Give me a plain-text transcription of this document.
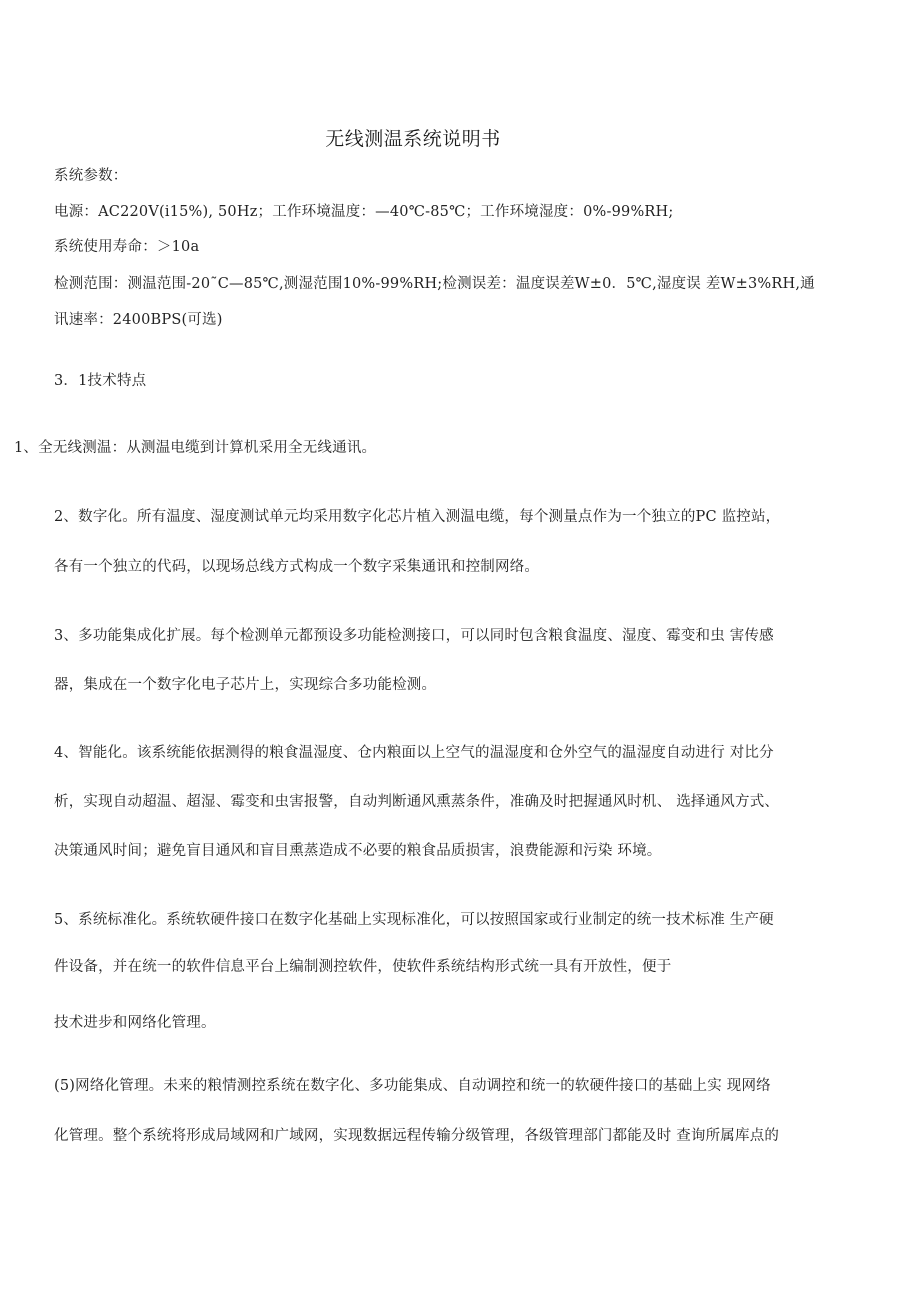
无线测温系统说明书
系统参数：
电源：AC220V(i15%), 50Hz；工作环境温度：—40℃-85℃；工作环境湿度：0%-99%RH;
系统使用寿命：＞10a
检测范围：测温范围-20˜C—85℃,测湿范围10%-99%RH;检测误差：温度误差W±0．5℃,湿度误 差W±3%RH,通
讯速率：2400BPS(可选)
3．1技术特点
1、全无线测温：从测温电缆到计算机采用全无线通讯。
2、数字化。所有温度、湿度测试单元均采用数字化芯片植入测温电缆，每个测量点作为一个独立的PC 监控站，
各有一个独立的代码，以现场总线方式构成一个数字采集通讯和控制网络。
3、多功能集成化扩展。每个检测单元都预设多功能检测接口，可以同时包含粮食温度、湿度、霉变和虫 害传感
器，集成在一个数字化电子芯片上，实现综合多功能检测。
4、智能化。该系统能依据测得的粮食温湿度、仓内粮面以上空气的温湿度和仓外空气的温湿度自动进行 对比分
析，实现自动超温、超湿、霉变和虫害报警，自动判断通风熏蒸条件，准确及时把握通风时机、 选择通风方式、
决策通风时间；避免盲目通风和盲目熏蒸造成不必要的粮食品质损害，浪费能源和污染 环境。
5、系统标准化。系统软硬件接口在数字化基础上实现标准化，可以按照国家或行业制定的统一技术标准 生产硬
件设备，并在统一的软件信息平台上编制测控软件，使软件系统结构形式统一具有开放性，便于
技术进步和网络化管理。
(5)网络化管理。未来的粮情测控系统在数字化、多功能集成、自动调控和统一的软硬件接口的基础上实 现网络
化管理。整个系统将形成局域网和广域网，实现数据远程传输分级管理，各级管理部门都能及时 查询所属库点的
